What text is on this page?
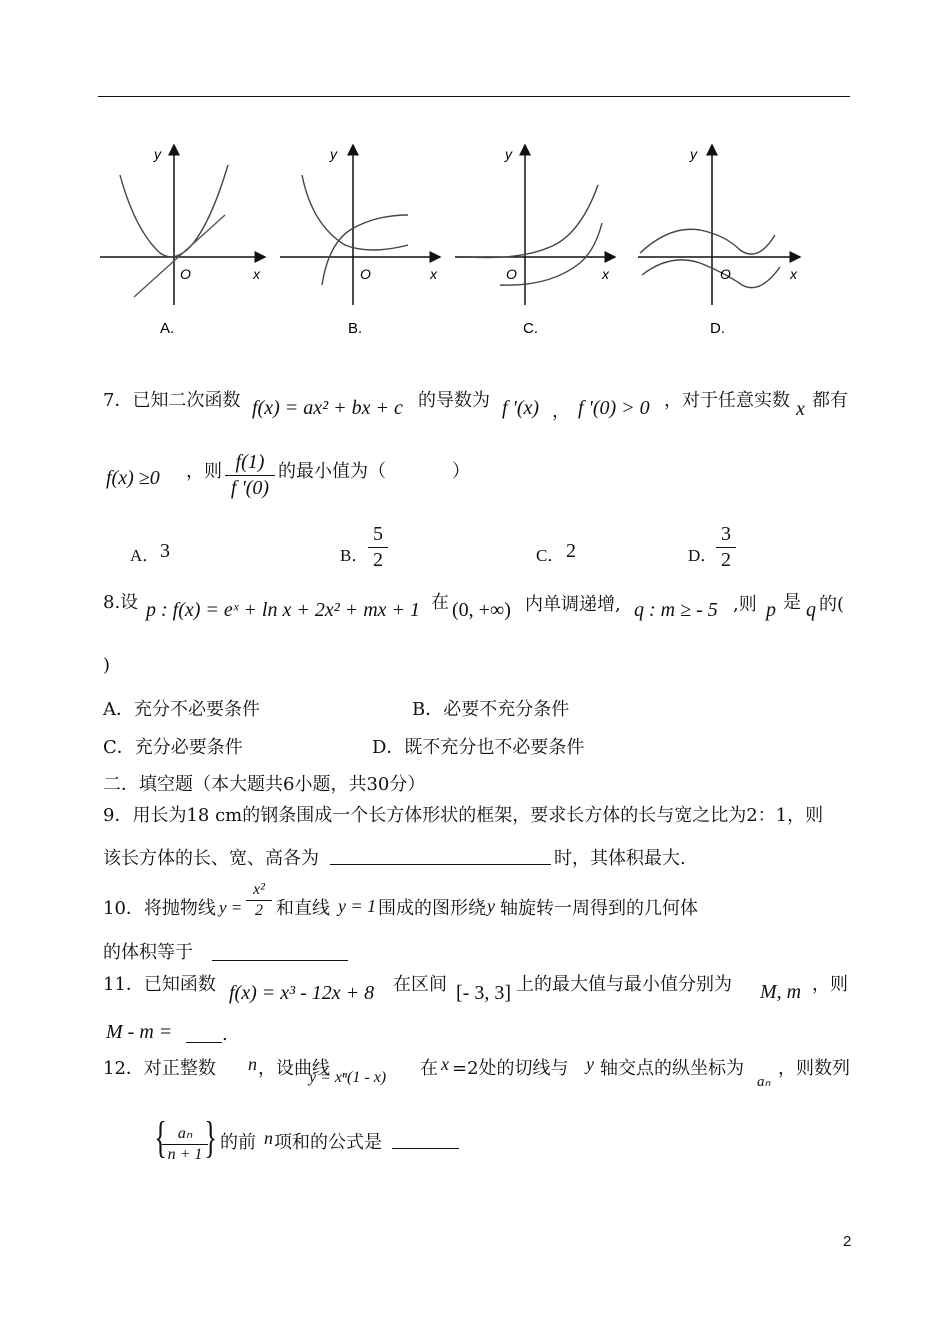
y
x
O
A.
y
x
O
B.
y
x
O
C.
y
x
O
D.
7．已知二次函数 f(x) = ax² + bx + c 的导数为 f '(x) ， f '(0) > 0 ，对于任意实数 x 都有
f(x) ≥0 ，则 f(1)
f '(0)
的最小值为（	）
A． 3	B．
5
2	C． 2	D．
3
2
8.设 p : f(x) = eˣ + ln x + 2x² + mx + 1 在 (0, +∞) 内单调递增, q : m ≥ - 5 ,则 p 是 q 的(
)
A．充分不必要条件	B．必要不充分条件
C．充分必要条件	D．既不充分也不必要条件
二．填空题（本大题共6小题，共30分）
9．用长为18 cm的钢条围成一个长方体形状的框架，要求长方体的长与宽之比为2：1，则
该长方体的长、宽、高各为	时，其体积最大.
10．将抛物线 y =
x²
2 和直线 y = 1 围成的图形绕 y 轴旋转一周得到的几何体
的体积等于
11．已知函数 f(x) = x³ - 12x + 8 在区间 [- 3, 3] 上的最大值与最小值分别为 M, m ，则
M - m =	.
12．对正整数 n ，设曲线
y = xⁿ(1 - x) 在 x =2处的切线与 y 轴交点的纵坐标为
aₙ
，则数列
{ aₙ
n + 1 } 的前 n 项和的公式是
2
